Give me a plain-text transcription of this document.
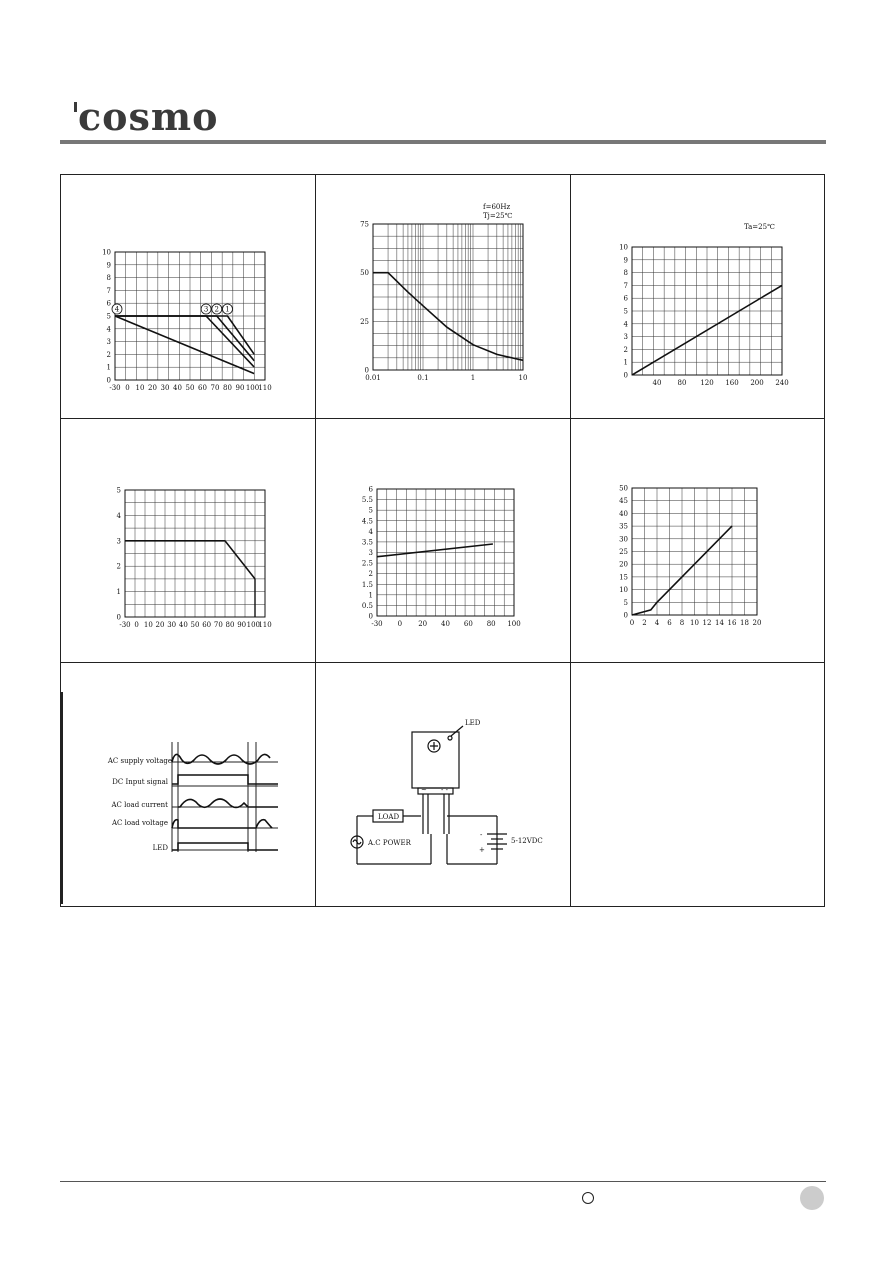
cosmo
0
1
2
3
4
5
6
7
8
9
10
-30 0 10 20 30 40 50 60 70 80 90 100 110
1
2
3
4
0
25
50
75
0.01	0.1	1	10
f=60Hz
Tj=25℃
0
1
2
3
4
5
6
7
8
9
10
40 80 120 160 200 240
Ta=25℃
0
1
2
3
4
5
-30 0 10 20 30 40 50 60 70 80 90 100
110
0
0.5
1
1.5
2
2.5
3
3.5
4
4.5
5
5.5
6
-30 0 20 40 60 80 100
0
5
10
15
20
25
30
35
40
45
50
0 2 4 6 8 10 12 14 16 18 20
AC supply voltage
DC Input signal
AC load current
AC load voltage
LED
LED
LOAD
A.C POWER	5-12VDC
~ - -
-
+
